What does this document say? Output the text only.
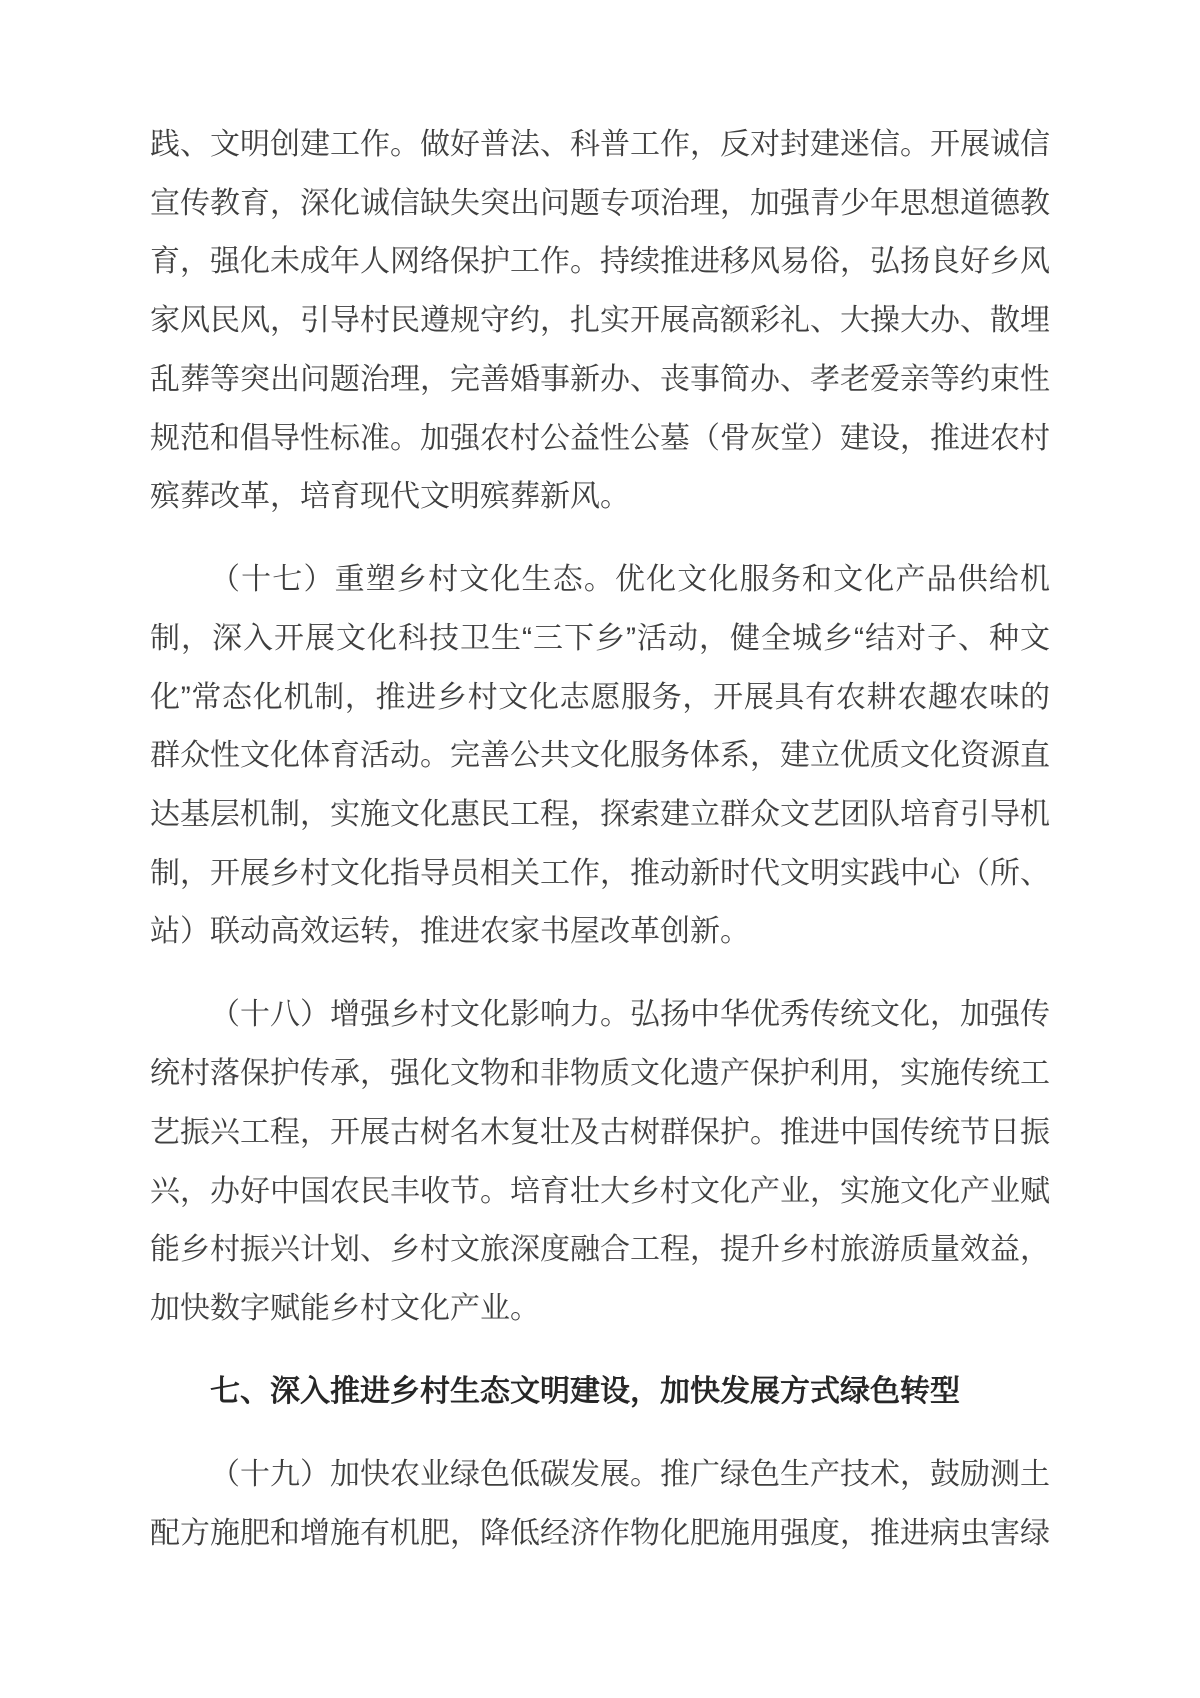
践、文明创建工作。做好普法、科普工作，反对封建迷信。开展诚信宣传教育，深化诚信缺失突出问题专项治理，加强青少年思想道德教育，强化未成年人网络保护工作。持续推进移风易俗，弘扬良好乡风家风民风，引导村民遵规守约，扎实开展高额彩礼、大操大办、散埋乱葬等突出问题治理，完善婚事新办、丧事简办、孝老爱亲等约束性规范和倡导性标准。加强农村公益性公墓（骨灰堂）建设，推进农村殡葬改革，培育现代文明殡葬新风。

（十七）重塑乡村文化生态。优化文化服务和文化产品供给机制，深入开展文化科技卫生“三下乡”活动，健全城乡“结对子、种文化”常态化机制，推进乡村文化志愿服务，开展具有农耕农趣农味的群众性文化体育活动。完善公共文化服务体系，建立优质文化资源直达基层机制，实施文化惠民工程，探索建立群众文艺团队培育引导机制，开展乡村文化指导员相关工作，推动新时代文明实践中心（所、站）联动高效运转，推进农家书屋改革创新。

（十八）增强乡村文化影响力。弘扬中华优秀传统文化，加强传统村落保护传承，强化文物和非物质文化遗产保护利用，实施传统工艺振兴工程，开展古树名木复壮及古树群保护。推进中国传统节日振兴，办好中国农民丰收节。培育壮大乡村文化产业，实施文化产业赋能乡村振兴计划、乡村文旅深度融合工程，提升乡村旅游质量效益，加快数字赋能乡村文化产业。

七、深入推进乡村生态文明建设，加快发展方式绿色转型

（十九）加快农业绿色低碳发展。推广绿色生产技术，鼓励测土配方施肥和增施有机肥，降低经济作物化肥施用强度，推进病虫害绿
